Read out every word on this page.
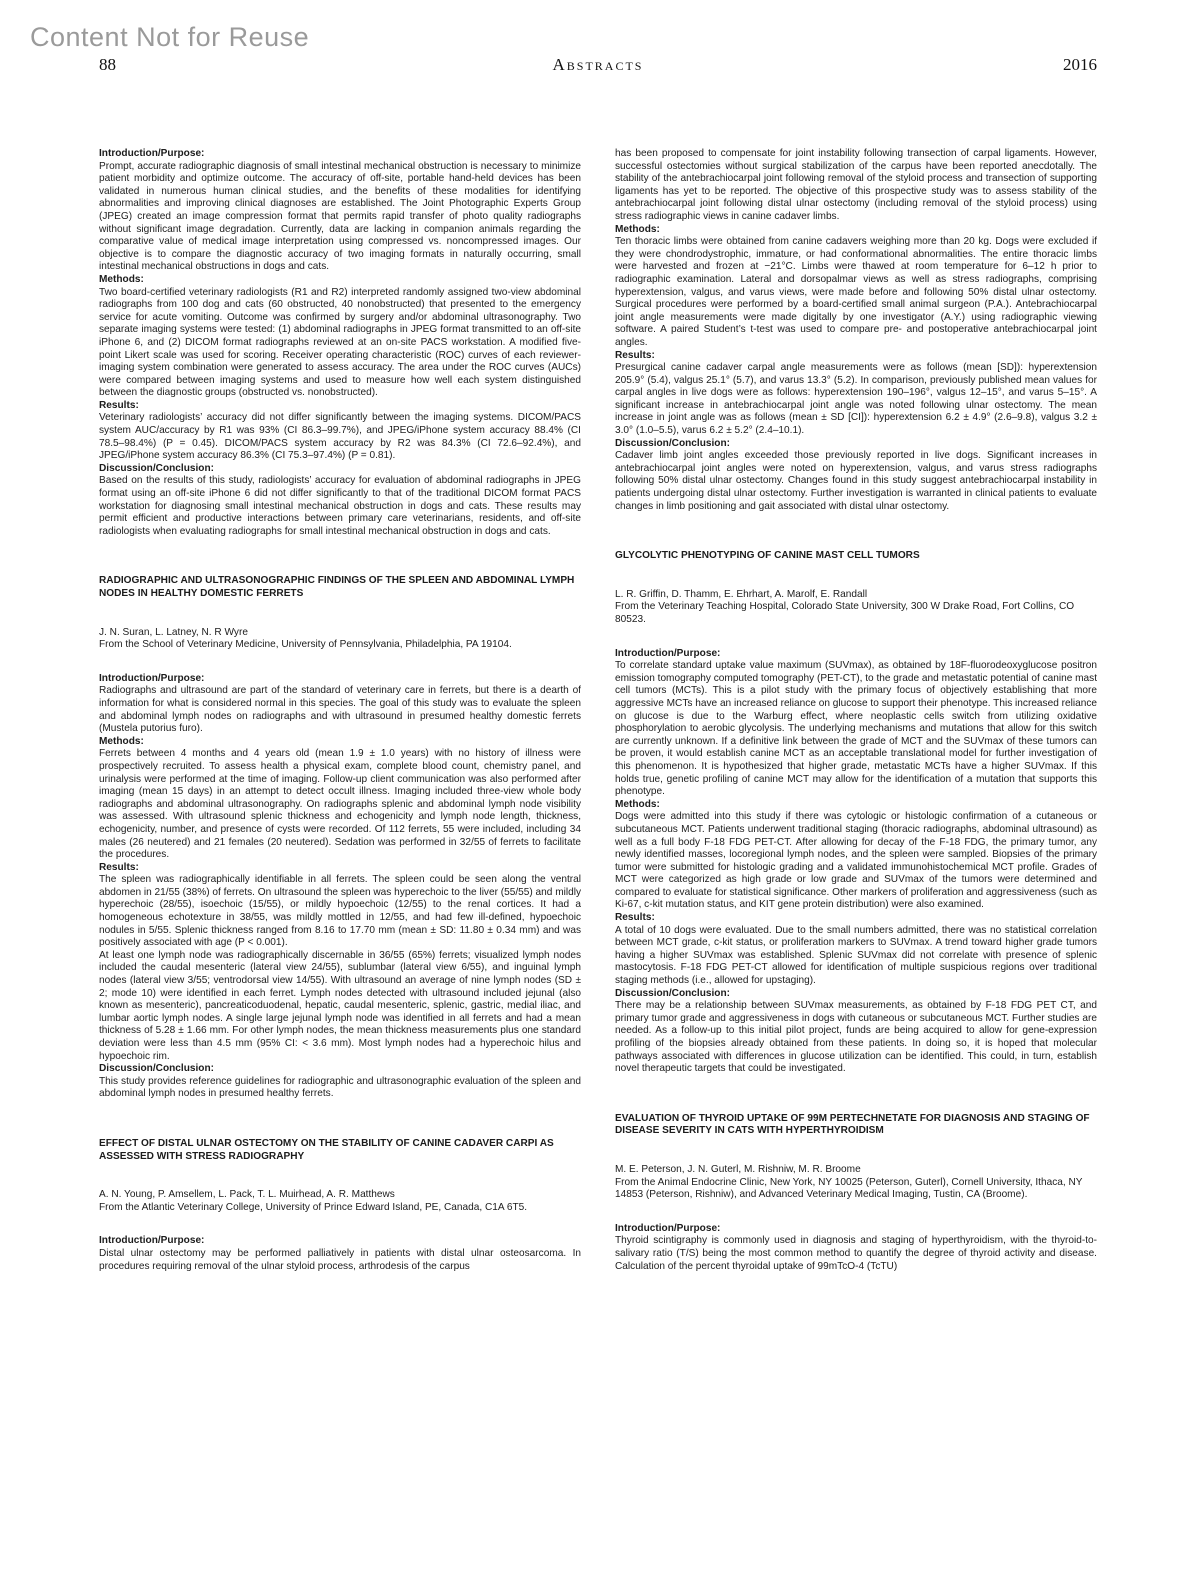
Content Not for Reuse
88	Abstracts	2016
Introduction/Purpose:
Prompt, accurate radiographic diagnosis of small intestinal mechanical obstruction is necessary to minimize patient morbidity and optimize outcome. The accuracy of off-site, portable hand-held devices has been validated in numerous human clinical studies, and the benefits of these modalities for identifying abnormalities and improving clinical diagnoses are established. The Joint Photographic Experts Group (JPEG) created an image compression format that permits rapid transfer of photo quality radiographs without significant image degradation. Currently, data are lacking in companion animals regarding the comparative value of medical image interpretation using compressed vs. noncompressed images. Our objective is to compare the diagnostic accuracy of two imaging formats in naturally occurring, small intestinal mechanical obstructions in dogs and cats.
Methods:
Two board-certified veterinary radiologists (R1 and R2) interpreted randomly assigned two-view abdominal radiographs from 100 dog and cats (60 obstructed, 40 nonobstructed) that presented to the emergency service for acute vomiting. Outcome was confirmed by surgery and/or abdominal ultrasonography. Two separate imaging systems were tested: (1) abdominal radiographs in JPEG format transmitted to an off-site iPhone 6, and (2) DICOM format radiographs reviewed at an on-site PACS workstation. A modified five-point Likert scale was used for scoring. Receiver operating characteristic (ROC) curves of each reviewer-imaging system combination were generated to assess accuracy. The area under the ROC curves (AUCs) were compared between imaging systems and used to measure how well each system distinguished between the diagnostic groups (obstructed vs. nonobstructed).
Results:
Veterinary radiologists’ accuracy did not differ significantly between the imaging systems. DICOM/PACS system AUC/accuracy by R1 was 93% (CI 86.3–99.7%), and JPEG/iPhone system accuracy 88.4% (CI 78.5–98.4%) (P = 0.45). DICOM/PACS system accuracy by R2 was 84.3% (CI 72.6–92.4%), and JPEG/iPhone system accuracy 86.3% (CI 75.3–97.4%) (P = 0.81).
Discussion/Conclusion:
Based on the results of this study, radiologists’ accuracy for evaluation of abdominal radiographs in JPEG format using an off-site iPhone 6 did not differ significantly to that of the traditional DICOM format PACS workstation for diagnosing small intestinal mechanical obstruction in dogs and cats. These results may permit efficient and productive interactions between primary care veterinarians, residents, and off-site radiologists when evaluating radiographs for small intestinal mechanical obstruction in dogs and cats.
RADIOGRAPHIC AND ULTRASONOGRAPHIC FINDINGS OF THE SPLEEN AND ABDOMINAL LYMPH NODES IN HEALTHY DOMESTIC FERRETS
J. N. Suran, L. Latney, N. R Wyre
From the School of Veterinary Medicine, University of Pennsylvania, Philadelphia, PA 19104.
Introduction/Purpose:
Radiographs and ultrasound are part of the standard of veterinary care in ferrets, but there is a dearth of information for what is considered normal in this species. The goal of this study was to evaluate the spleen and abdominal lymph nodes on radiographs and with ultrasound in presumed healthy domestic ferrets (Mustela putorius furo).
Methods:
Ferrets between 4 months and 4 years old (mean 1.9 ± 1.0 years) with no history of illness were prospectively recruited. To assess health a physical exam, complete blood count, chemistry panel, and urinalysis were performed at the time of imaging. Follow-up client communication was also performed after imaging (mean 15 days) in an attempt to detect occult illness. Imaging included three-view whole body radiographs and abdominal ultrasonography. On radiographs splenic and abdominal lymph node visibility was assessed. With ultrasound splenic thickness and echogenicity and lymph node length, thickness, echogenicity, number, and presence of cysts were recorded. Of 112 ferrets, 55 were included, including 34 males (26 neutered) and 21 females (20 neutered). Sedation was performed in 32/55 of ferrets to facilitate the procedures.
Results:
The spleen was radiographically identifiable in all ferrets. The spleen could be seen along the ventral abdomen in 21/55 (38%) of ferrets. On ultrasound the spleen was hyperechoic to the liver (55/55) and mildly hyperechoic (28/55), isoechoic (15/55), or mildly hypoechoic (12/55) to the renal cortices. It had a homogeneous echotexture in 38/55, was mildly mottled in 12/55, and had few ill-defined, hypoechoic nodules in 5/55. Splenic thickness ranged from 8.16 to 17.70 mm (mean ± SD: 11.80 ± 0.34 mm) and was positively associated with age (P < 0.001).
At least one lymph node was radiographically discernable in 36/55 (65%) ferrets; visualized lymph nodes included the caudal mesenteric (lateral view 24/55), sublumbar (lateral view 6/55), and inguinal lymph nodes (lateral view 3/55; ventrodorsal view 14/55). With ultrasound an average of nine lymph nodes (SD ± 2; mode 10) were identified in each ferret. Lymph nodes detected with ultrasound included jejunal (also known as mesenteric), pancreaticoduodenal, hepatic, caudal mesenteric, splenic, gastric, medial iliac, and lumbar aortic lymph nodes. A single large jejunal lymph node was identified in all ferrets and had a mean thickness of 5.28 ± 1.66 mm. For other lymph nodes, the mean thickness measurements plus one standard deviation were less than 4.5 mm (95% CI: < 3.6 mm). Most lymph nodes had a hyperechoic hilus and hypoechoic rim.
Discussion/Conclusion:
This study provides reference guidelines for radiographic and ultrasonographic evaluation of the spleen and abdominal lymph nodes in presumed healthy ferrets.
EFFECT OF DISTAL ULNAR OSTECTOMY ON THE STABILITY OF CANINE CADAVER CARPI AS ASSESSED WITH STRESS RADIOGRAPHY
A. N. Young, P. Amsellem, L. Pack, T. L. Muirhead, A. R. Matthews
From the Atlantic Veterinary College, University of Prince Edward Island, PE, Canada, C1A 6T5.
Introduction/Purpose:
Distal ulnar ostectomy may be performed palliatively in patients with distal ulnar osteosarcoma. In procedures requiring removal of the ulnar styloid process, arthrodesis of the carpus
has been proposed to compensate for joint instability following transection of carpal ligaments. However, successful ostectomies without surgical stabilization of the carpus have been reported anecdotally. The stability of the antebrachiocarpal joint following removal of the styloid process and transection of supporting ligaments has yet to be reported. The objective of this prospective study was to assess stability of the antebrachiocarpal joint following distal ulnar ostectomy (including removal of the styloid process) using stress radiographic views in canine cadaver limbs.
Methods:
Ten thoracic limbs were obtained from canine cadavers weighing more than 20 kg. Dogs were excluded if they were chondrodystrophic, immature, or had conformational abnormalities. The entire thoracic limbs were harvested and frozen at −21°C. Limbs were thawed at room temperature for 6–12 h prior to radiographic examination. Lateral and dorsopalmar views as well as stress radiographs, comprising hyperextension, valgus, and varus views, were made before and following 50% distal ulnar ostectomy. Surgical procedures were performed by a board-certified small animal surgeon (P.A.). Antebrachiocarpal joint angle measurements were made digitally by one investigator (A.Y.) using radiographic viewing software. A paired Student’s t-test was used to compare pre- and postoperative antebrachiocarpal joint angles.
Results:
Presurgical canine cadaver carpal angle measurements were as follows (mean [SD]): hyperextension 205.9° (5.4), valgus 25.1° (5.7), and varus 13.3° (5.2). In comparison, previously published mean values for carpal angles in live dogs were as follows: hyperextension 190–196°, valgus 12–15°, and varus 5–15°. A significant increase in antebrachiocarpal joint angle was noted following ulnar ostectomy. The mean increase in joint angle was as follows (mean ± SD [CI]): hyperextension 6.2 ± 4.9° (2.6–9.8), valgus 3.2 ± 3.0° (1.0–5.5), varus 6.2 ± 5.2° (2.4–10.1).
Discussion/Conclusion:
Cadaver limb joint angles exceeded those previously reported in live dogs. Significant increases in antebrachiocarpal joint angles were noted on hyperextension, valgus, and varus stress radiographs following 50% distal ulnar ostectomy. Changes found in this study suggest antebrachiocarpal instability in patients undergoing distal ulnar ostectomy. Further investigation is warranted in clinical patients to evaluate changes in limb positioning and gait associated with distal ulnar ostectomy.
GLYCOLYTIC PHENOTYPING OF CANINE MAST CELL TUMORS
L. R. Griffin, D. Thamm, E. Ehrhart, A. Marolf, E. Randall
From the Veterinary Teaching Hospital, Colorado State University, 300 W Drake Road, Fort Collins, CO 80523.
Introduction/Purpose:
To correlate standard uptake value maximum (SUVmax), as obtained by 18F-fluorodeoxyglucose positron emission tomography computed tomography (PET-CT), to the grade and metastatic potential of canine mast cell tumors (MCTs). This is a pilot study with the primary focus of objectively establishing that more aggressive MCTs have an increased reliance on glucose to support their phenotype. This increased reliance on glucose is due to the Warburg effect, where neoplastic cells switch from utilizing oxidative phosphorylation to aerobic glycolysis. The underlying mechanisms and mutations that allow for this switch are currently unknown. If a definitive link between the grade of MCT and the SUVmax of these tumors can be proven, it would establish canine MCT as an acceptable translational model for further investigation of this phenomenon. It is hypothesized that higher grade, metastatic MCTs have a higher SUVmax. If this holds true, genetic profiling of canine MCT may allow for the identification of a mutation that supports this phenotype.
Methods:
Dogs were admitted into this study if there was cytologic or histologic confirmation of a cutaneous or subcutaneous MCT. Patients underwent traditional staging (thoracic radiographs, abdominal ultrasound) as well as a full body F-18 FDG PET-CT. After allowing for decay of the F-18 FDG, the primary tumor, any newly identified masses, locoregional lymph nodes, and the spleen were sampled. Biopsies of the primary tumor were submitted for histologic grading and a validated immunohistochemical MCT profile. Grades of MCT were categorized as high grade or low grade and SUVmax of the tumors were determined and compared to evaluate for statistical significance. Other markers of proliferation and aggressiveness (such as Ki-67, c-kit mutation status, and KIT gene protein distribution) were also examined.
Results:
A total of 10 dogs were evaluated. Due to the small numbers admitted, there was no statistical correlation between MCT grade, c-kit status, or proliferation markers to SUVmax. A trend toward higher grade tumors having a higher SUVmax was established. Splenic SUVmax did not correlate with presence of splenic mastocytosis. F-18 FDG PET-CT allowed for identification of multiple suspicious regions over traditional staging methods (i.e., allowed for upstaging).
Discussion/Conclusion:
There may be a relationship between SUVmax measurements, as obtained by F-18 FDG PET CT, and primary tumor grade and aggressiveness in dogs with cutaneous or subcutaneous MCT. Further studies are needed. As a follow-up to this initial pilot project, funds are being acquired to allow for gene-expression profiling of the biopsies already obtained from these patients. In doing so, it is hoped that molecular pathways associated with differences in glucose utilization can be identified. This could, in turn, establish novel therapeutic targets that could be investigated.
EVALUATION OF THYROID UPTAKE OF 99M PERTECHNETATE FOR DIAGNOSIS AND STAGING OF DISEASE SEVERITY IN CATS WITH HYPERTHYROIDISM
M. E. Peterson, J. N. Guterl, M. Rishniw, M. R. Broome
From the Animal Endocrine Clinic, New York, NY 10025 (Peterson, Guterl), Cornell University, Ithaca, NY 14853 (Peterson, Rishniw), and Advanced Veterinary Medical Imaging, Tustin, CA (Broome).
Introduction/Purpose:
Thyroid scintigraphy is commonly used in diagnosis and staging of hyperthyroidism, with the thyroid-to-salivary ratio (T/S) being the most common method to quantify the degree of thyroid activity and disease. Calculation of the percent thyroidal uptake of 99mTcO-4 (TcTU)
